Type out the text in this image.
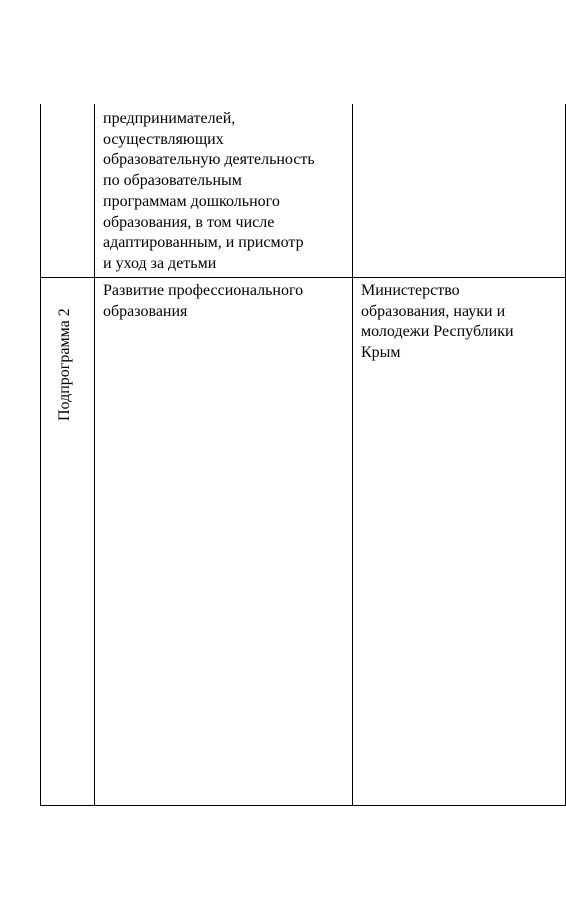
предпринимателей,
осуществляющих
образовательную деятельность
по образовательным
программам дошкольного
образования, в том числе
адаптированным, и присмотр
и уход за детьми
Подпрограмма 2
Развитие профессионального
образования
Министерство
образования, науки и
молодежи Республики
Крым
